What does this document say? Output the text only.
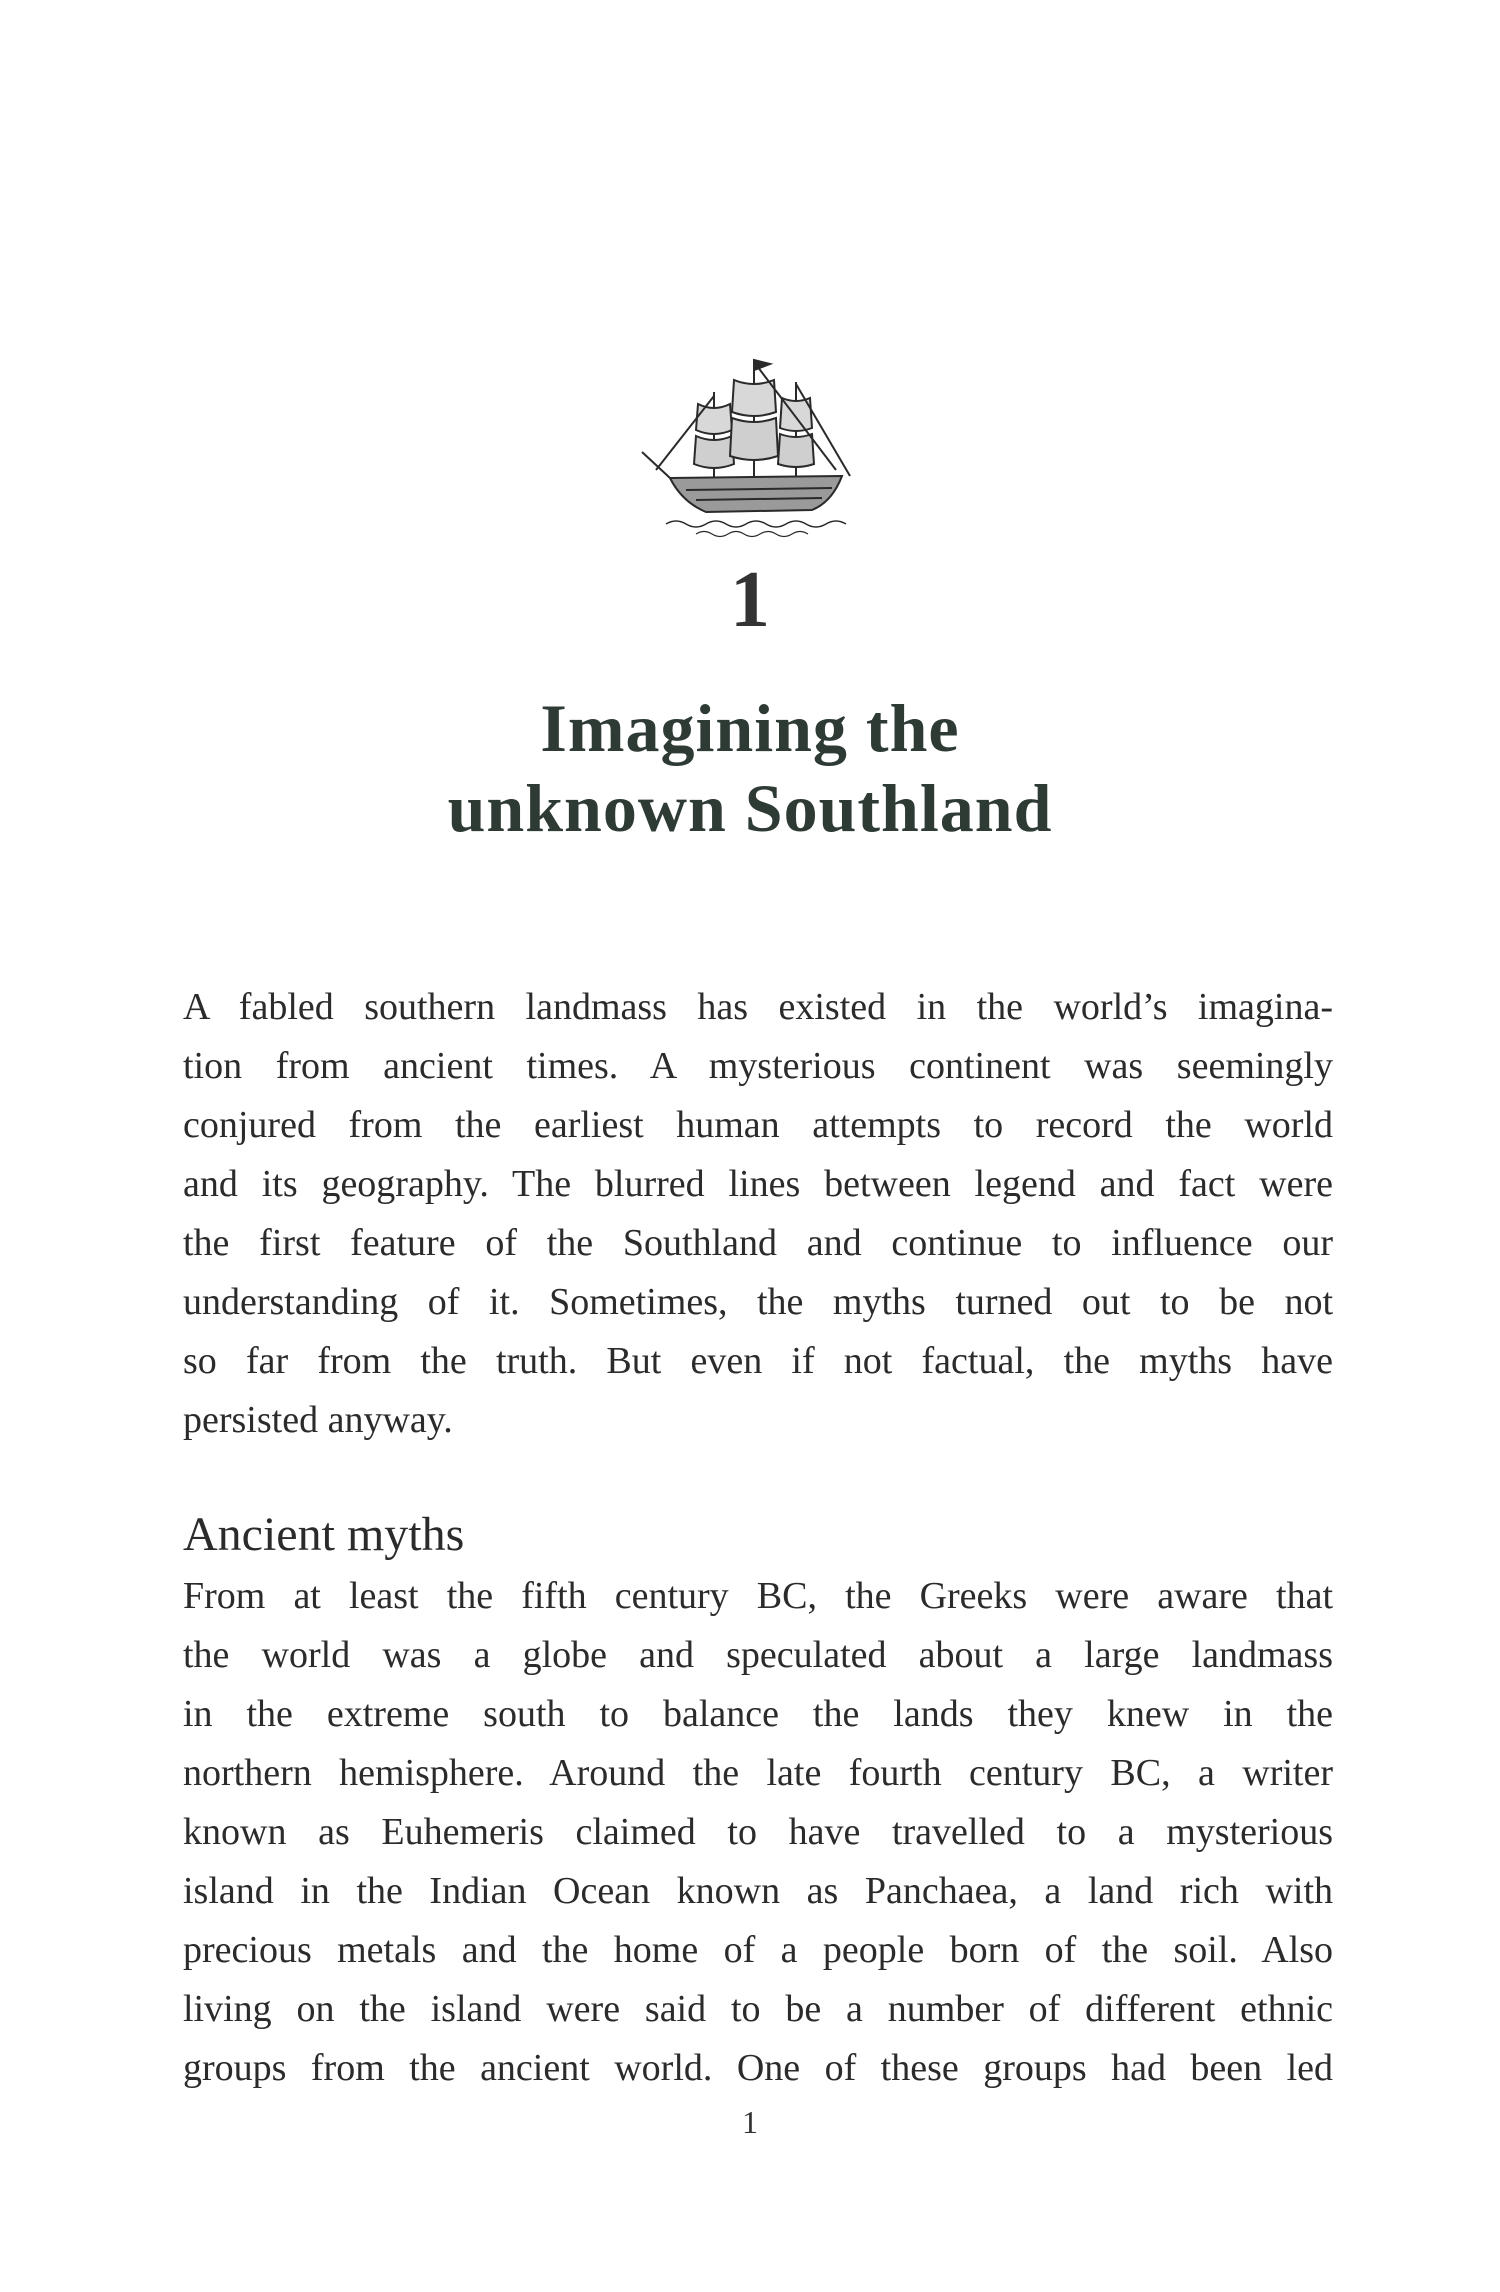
1
Imagining the
unknown Southland
A fabled southern landmass has existed in the world’s imagina-
tion from ancient times. A mysterious continent was seemingly
conjured from the earliest human attempts to record the world
and its geography. The blurred lines between legend and fact were
the first feature of the Southland and continue to influence our
understanding of it. Sometimes, the myths turned out to be not
so far from the truth. But even if not factual, the myths have
persisted anyway.
Ancient myths
From at least the fifth century BC, the Greeks were aware that
the world was a globe and speculated about a large landmass
in the extreme south to balance the lands they knew in the
northern hemisphere. Around the late fourth century BC, a writer
known as Euhemeris claimed to have travelled to a mysterious
island in the Indian Ocean known as Panchaea, a land rich with
precious metals and the home of a people born of the soil. Also
living on the island were said to be a number of different ethnic
groups from the ancient world. One of these groups had been led
1
